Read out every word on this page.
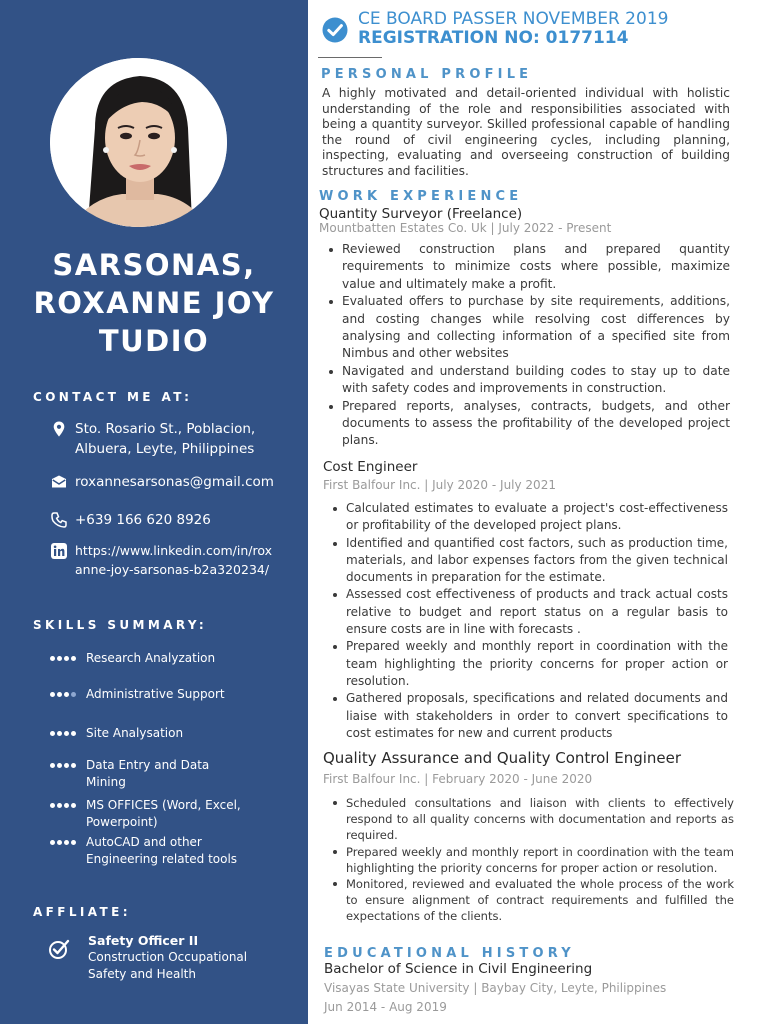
SARSONAS,
ROXANNE JOY
TUDIO
CONTACT ME AT:
Sto. Rosario St., Poblacion,
Albuera, Leyte, Philippines
roxannesarsonas@gmail.com
+639 166 620 8926
https://www.linkedin.com/in/rox
anne-joy-sarsonas-b2a320234/
SKILLS SUMMARY:
Research Analyzation
Administrative Support
Site Analysation
Data Entry and Data Mining
MS OFFICES (Word, Excel, Powerpoint)
AutoCAD and other Engineering related tools
AFFLIATE:
Safety Officer II
Construction Occupational
Safety and Health
CE BOARD PASSER NOVEMBER 2019
REGISTRATION NO: 0177114
PERSONAL PROFILE
A highly motivated and detail-oriented individual with holistic understanding of the role and responsibilities associated with being a quantity surveyor. Skilled professional capable of handling the round of civil engineering cycles, including planning, inspecting, evaluating and overseeing construction of building structures and facilities.
WORK EXPERIENCE
Quantity Surveyor (Freelance)
Mountbatten Estates Co. Uk | July 2022 - Present
Reviewed construction plans and prepared quantity requirements to minimize costs where possible, maximize value and ultimately make a profit.
Evaluated offers to purchase by site requirements, additions, and costing changes while resolving cost differences by analysing and collecting information of a specified site from Nimbus and other websites
Navigated and understand building codes to stay up to date with safety codes and improvements in construction.
Prepared reports, analyses, contracts, budgets, and other documents to assess the profitability of the developed project plans.
Cost Engineer
First Balfour Inc. | July 2020 - July 2021
Calculated estimates to evaluate a project's cost-effectiveness or profitability of the developed project plans.
Identified and quantified cost factors, such as production time, materials, and labor expenses factors from the given technical documents in preparation for the estimate.
Assessed cost effectiveness of products and track actual costs relative to budget and report status on a regular basis to ensure costs are in line with forecasts .
Prepared weekly and monthly report in coordination with the team highlighting the priority concerns for proper action or resolution.
Gathered proposals, specifications and related documents and liaise with stakeholders in order to convert specifications to cost estimates for new and current products
Quality Assurance and Quality Control Engineer
First Balfour Inc. | February 2020 - June 2020
Scheduled consultations and liaison with clients to effectively respond to all quality concerns with documentation and reports as required.
Prepared weekly and monthly report in coordination with the team highlighting the priority concerns for proper action or resolution.
Monitored, reviewed and evaluated the whole process of the work to ensure alignment of contract requirements and fulfilled the expectations of the clients.
EDUCATIONAL HISTORY
Bachelor of Science in Civil Engineering
Visayas State University | Baybay City, Leyte, Philippines
Jun 2014 - Aug 2019
